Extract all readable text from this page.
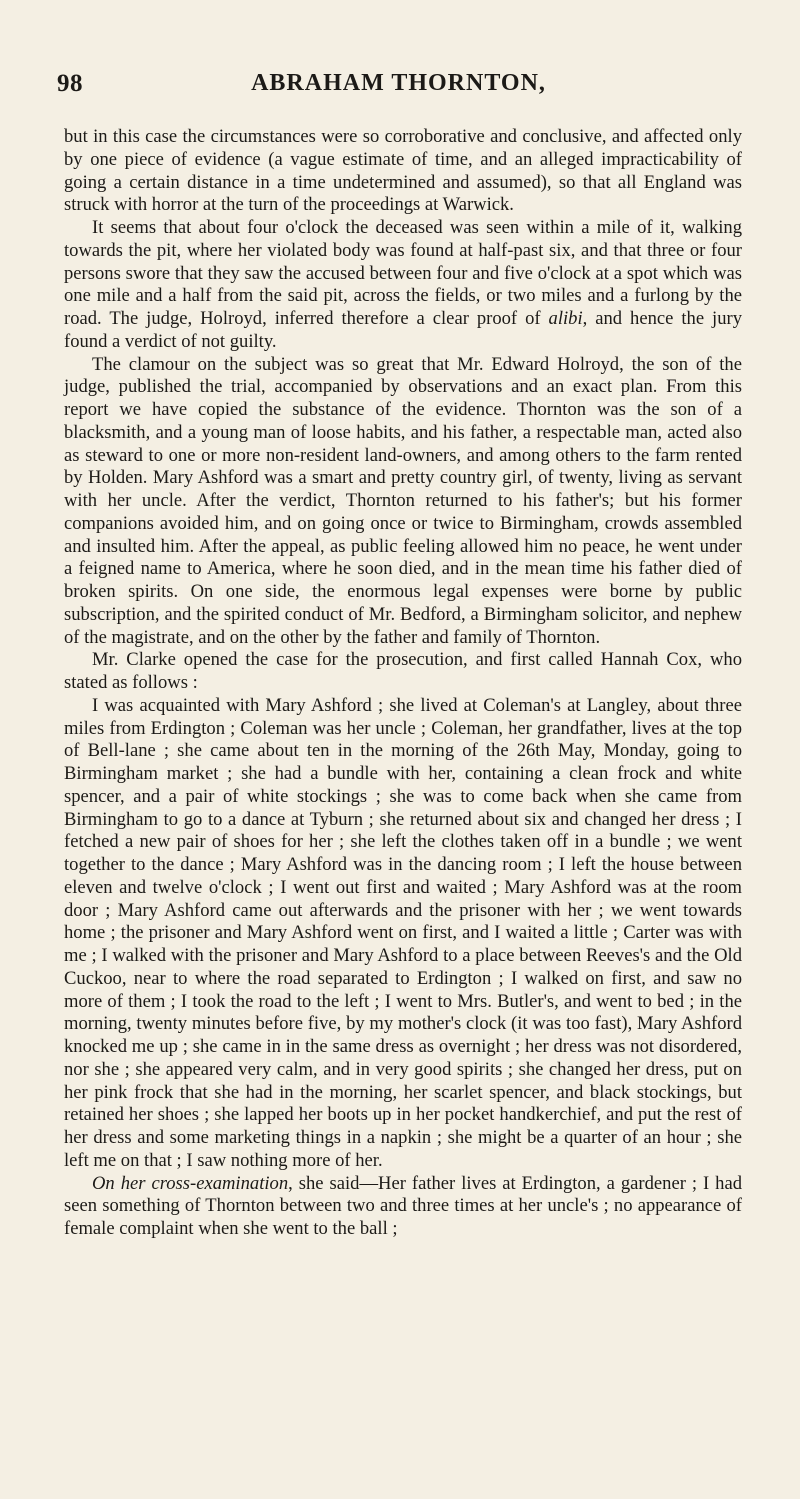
98	ABRAHAM THORNTON,

but in this case the circumstances were so corroborative and conclusive, and affected only by one piece of evidence (a vague estimate of time, and an alleged impracticability of going a certain distance in a time undetermined and assumed), so that all England was struck with horror at the turn of the proceedings at Warwick.

It seems that about four o'clock the deceased was seen within a mile of it, walking towards the pit, where her violated body was found at half-past six, and that three or four persons swore that they saw the accused between four and five o'clock at a spot which was one mile and a half from the said pit, across the fields, or two miles and a furlong by the road. The judge, Holroyd, inferred therefore a clear proof of alibi, and hence the jury found a verdict of not guilty.

The clamour on the subject was so great that Mr. Edward Holroyd, the son of the judge, published the trial, accompanied by observations and an exact plan. From this report we have copied the substance of the evidence. Thornton was the son of a blacksmith, and a young man of loose habits, and his father, a respectable man, acted also as steward to one or more non-resident land-owners, and among others to the farm rented by Holden. Mary Ashford was a smart and pretty country girl, of twenty, living as servant with her uncle. After the verdict, Thornton returned to his father's; but his former companions avoided him, and on going once or twice to Birmingham, crowds assembled and insulted him. After the appeal, as public feeling allowed him no peace, he went under a feigned name to America, where he soon died, and in the mean time his father died of broken spirits. On one side, the enormous legal expenses were borne by public subscription, and the spirited conduct of Mr. Bedford, a Birmingham solicitor, and nephew of the magistrate, and on the other by the father and family of Thornton.

Mr. Clarke opened the case for the prosecution, and first called Hannah Cox, who stated as follows :

I was acquainted with Mary Ashford ; she lived at Coleman's at Langley, about three miles from Erdington ; Coleman was her uncle ; Coleman, her grandfather, lives at the top of Bell-lane ; she came about ten in the morning of the 26th May, Monday, going to Birmingham market ; she had a bundle with her, containing a clean frock and white spencer, and a pair of white stockings ; she was to come back when she came from Birmingham to go to a dance at Tyburn ; she returned about six and changed her dress ; I fetched a new pair of shoes for her ; she left the clothes taken off in a bundle ; we went together to the dance ; Mary Ashford was in the dancing room ; I left the house between eleven and twelve o'clock ; I went out first and waited ; Mary Ashford was at the room door ; Mary Ashford came out afterwards and the prisoner with her ; we went towards home ; the prisoner and Mary Ashford went on first, and I waited a little ; Carter was with me ; I walked with the prisoner and Mary Ashford to a place between Reeves's and the Old Cuckoo, near to where the road separated to Erdington ; I walked on first, and saw no more of them ; I took the road to the left ; I went to Mrs. Butler's, and went to bed ; in the morning, twenty minutes before five, by my mother's clock (it was too fast), Mary Ashford knocked me up ; she came in in the same dress as overnight ; her dress was not disordered, nor she ; she appeared very calm, and in very good spirits ; she changed her dress, put on her pink frock that she had in the morning, her scarlet spencer, and black stockings, but retained her shoes ; she lapped her boots up in her pocket handkerchief, and put the rest of her dress and some marketing things in a napkin ; she might be a quarter of an hour ; she left me on that ; I saw nothing more of her.

On her cross-examination, she said—Her father lives at Erdington, a gardener ; I had seen something of Thornton between two and three times at her uncle's ; no appearance of female complaint when she went to the ball ;
